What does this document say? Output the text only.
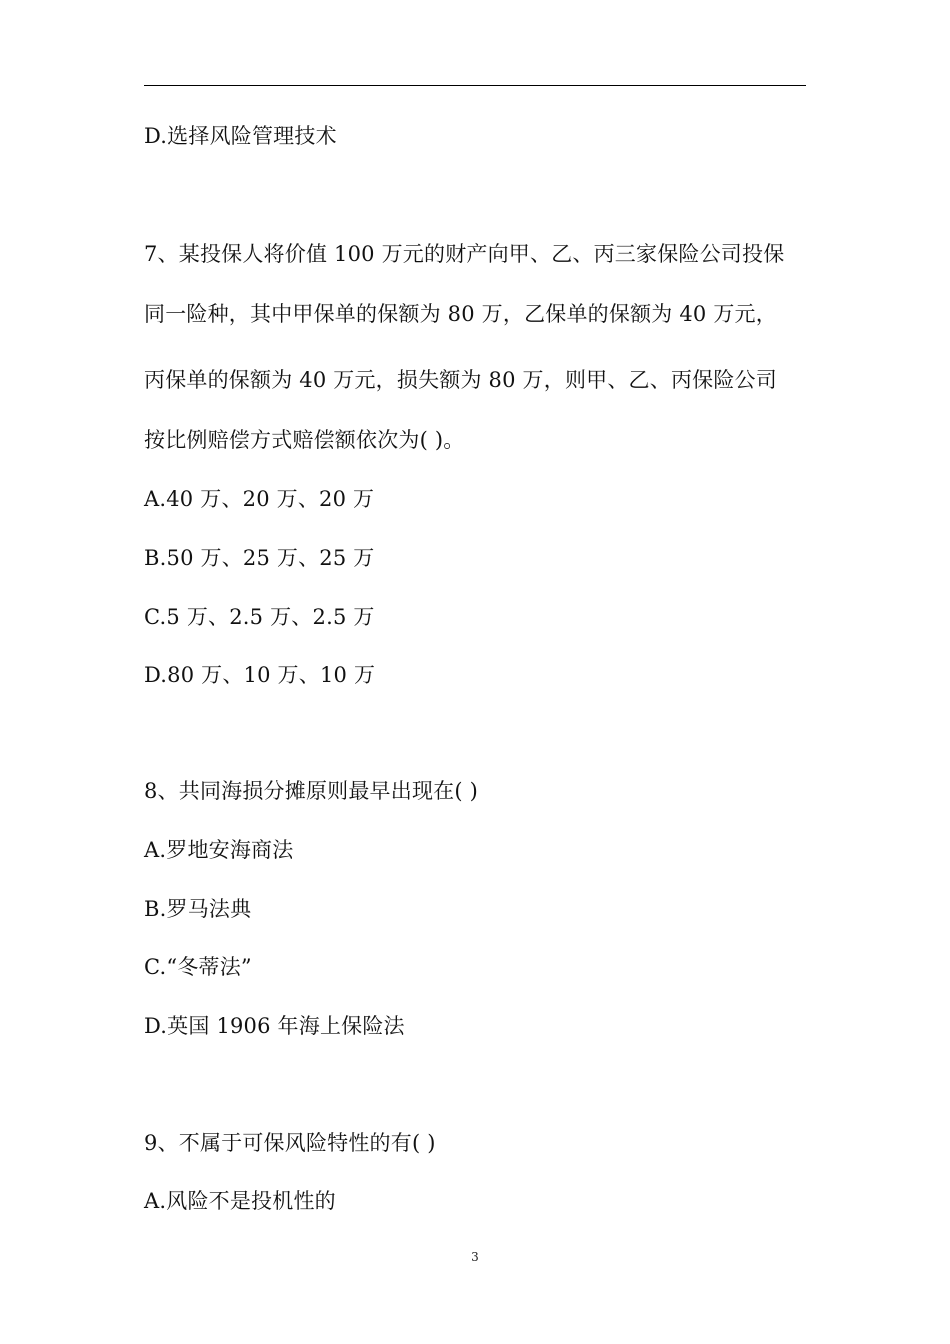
D.选择风险管理技术
7、某投保人将价值 100 万元的财产向甲、乙、丙三家保险公司投保
同一险种，其中甲保单的保额为 80 万，乙保单的保额为 40 万元，
丙保单的保额为 40 万元，损失额为 80 万，则甲、乙、丙保险公司
按比例赔偿方式赔偿额依次为( )。
A.40 万、20 万、20 万
B.50 万、25 万、25 万
C.5 万、2.5 万、2.5 万
D.80 万、10 万、10 万
8、共同海损分摊原则最早出现在( )
A.罗地安海商法
B.罗马法典
C.“冬蒂法”
D.英国 1906 年海上保险法
9、不属于可保风险特性的有( )
A.风险不是投机性的
3
